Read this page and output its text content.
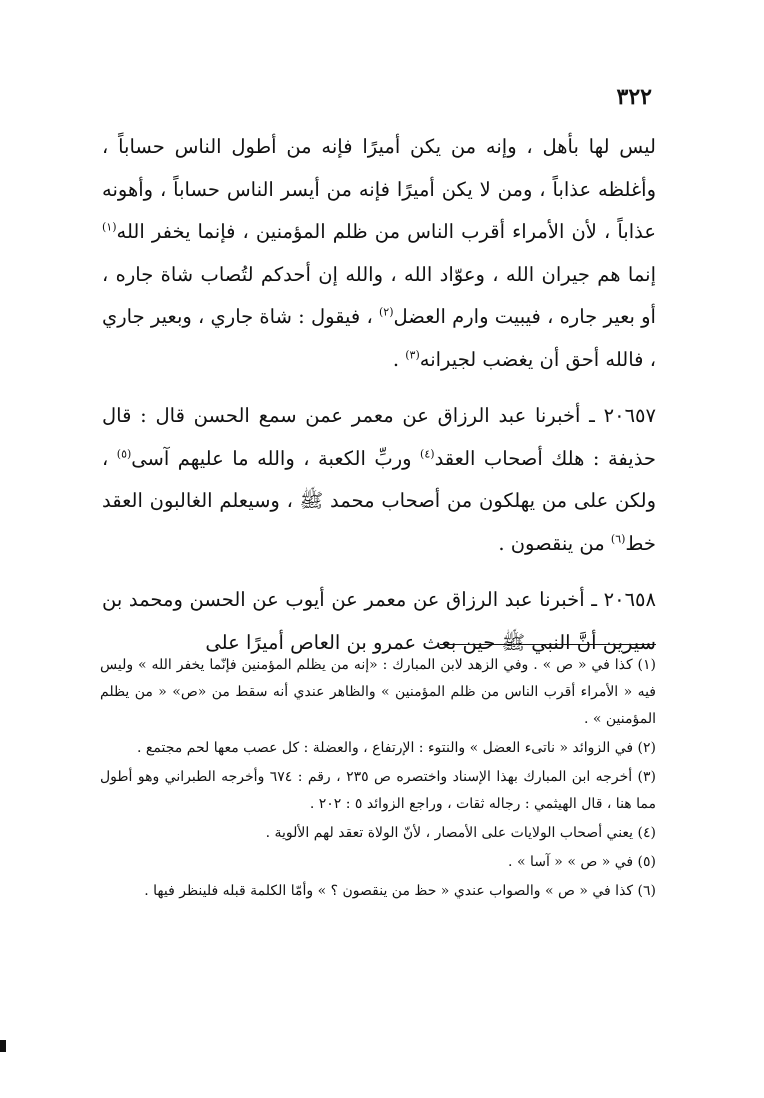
٣٢٢

ليس لها بأهل ، وإنه من يكن أميرًا فإنه من أطول الناس حساباً ، وأغلظه عذاباً ، ومن لا يكن أميرًا فإنه من أيسر الناس حساباً ، وأهونه عذاباً ، لأن الأمراء أقرب الناس من ظلم المؤمنين ، فإنما يخفر الله$^{(١)}$ إنما هم جيران الله ، وعوّاد الله ، والله إن أحدكم لتُصاب شاة جاره ، أو بعير جاره ، فيبيت وارم العضل$^{(٢)}$ ، فيقول : شاة جاري ، وبعير جاري ، فالله أحق أن يغضب لجيرانه$^{(٣)}$ .

٢٠٦٥٧ ـ أخبرنا عبد الرزاق عن معمر عمن سمع الحسن قال : قال حذيفة : هلك أصحاب العقد$^{(٤)}$ وربِّ الكعبة ، والله ما عليهم آسى$^{(٥)}$ ، ولكن على من يهلكون من أصحاب محمد ﷺ ، وسيعلم الغالبون العقد خط$^{(٦)}$ من ينقصون .

٢٠٦٥٨ ـ أخبرنا عبد الرزاق عن معمر عن أيوب عن الحسن ومحمد بن سيرين أنَّ النبي ﷺ حين بعث عمرو بن العاص أميرًا على

(١) كذا في « ص » . وفي الزهد لابن المبارك : «إنه من يظلم المؤمنين فإنّما يخفر الله » وليس فيه « الأمراء أقرب الناس من ظلم المؤمنين » والظاهر عندي أنه سقط من «ص» « من يظلم المؤمنين » .

(٢) في الزوائد « ناتىء العضل » والنتوء : الإرتفاع ، والعضلة : كل عصب معها لحم مجتمع .

(٣) أخرجه ابن المبارك بهذا الإسناد واختصره ص ٢٣٥ ، رقم : ٦٧٤ وأخرجه الطبراني وهو أطول مما هنا ، قال الهيثمي : رجاله ثقات ، وراجع الزوائد ٥ : ٢٠٢ .

(٤) يعني أصحاب الولايات على الأمصار ، لأنّ الولاة تعقد لهم الألوية .

(٥) في « ص » « آسا » .

(٦) كذا في « ص » والصواب عندي « حظ من ينقصون ؟ » وأمّا الكلمة قبله فلينظر فيها .
